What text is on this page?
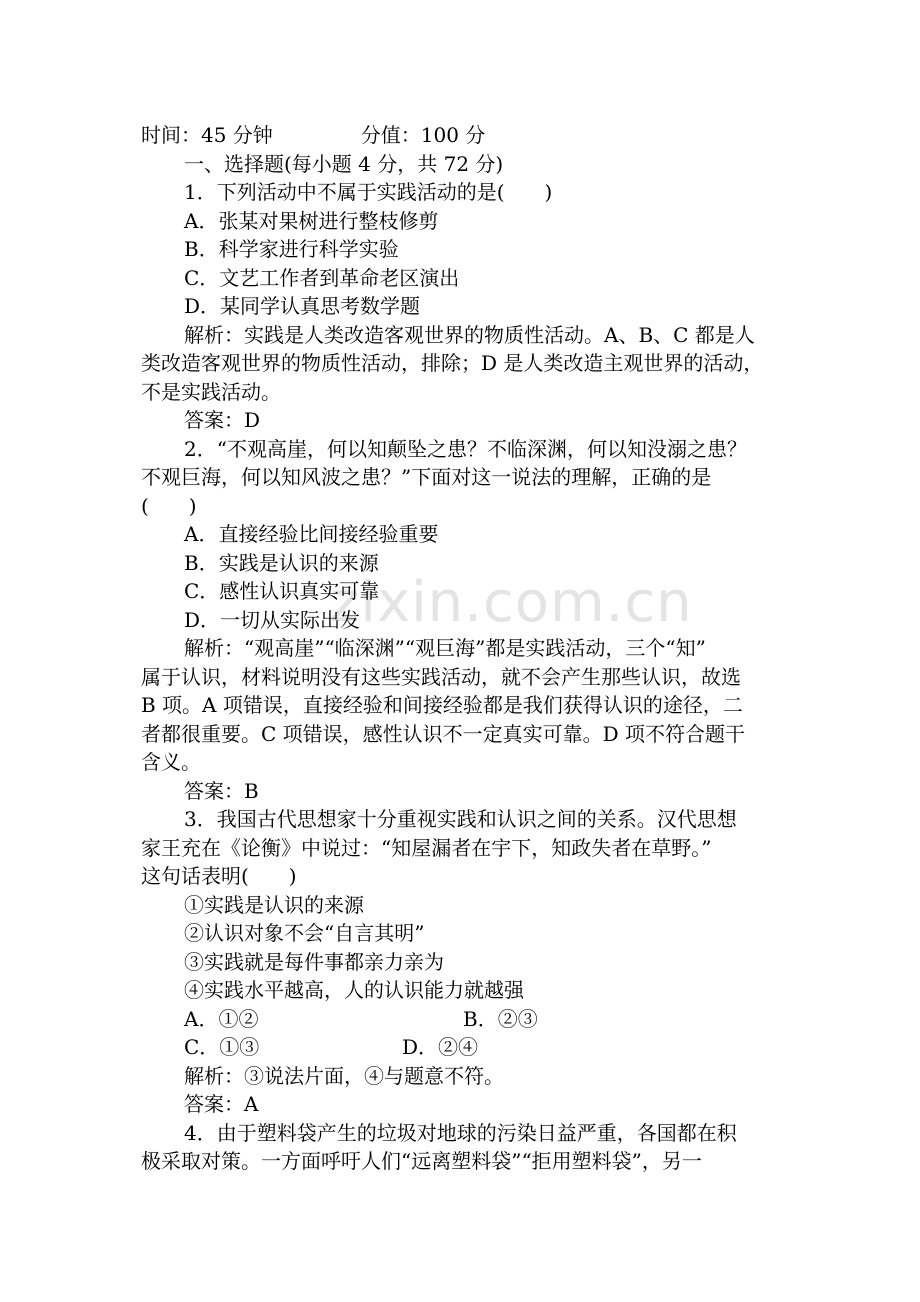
zixin.com.cn
时间：45 分钟	分值：100 分
一、选择题(每小题 4 分，共 72 分)
1．下列活动中不属于实践活动的是(　　)
A．张某对果树进行整枝修剪
B．科学家进行科学实验
C．文艺工作者到革命老区演出
D．某同学认真思考数学题
解析：实践是人类改造客观世界的物质性活动。A、B、C 都是人
类改造客观世界的物质性活动，排除；D 是人类改造主观世界的活动，
不是实践活动。
答案：D
2．“不观高崖，何以知颠坠之患？不临深渊，何以知没溺之患？
不观巨海，何以知风波之患？”下面对这一说法的理解，正确的是
(　　)
A．直接经验比间接经验重要
B．实践是认识的来源
C．感性认识真实可靠
D．一切从实际出发
解析：“观高崖”“临深渊”“观巨海”都是实践活动，三个“知”
属于认识，材料说明没有这些实践活动，就不会产生那些认识，故选
B 项。A 项错误，直接经验和间接经验都是我们获得认识的途径，二
者都很重要。C 项错误，感性认识不一定真实可靠。D 项不符合题干
含义。
答案：B
3．我国古代思想家十分重视实践和认识之间的关系。汉代思想
家王充在《论衡》中说过：“知屋漏者在宇下，知政失者在草野。”
这句话表明(　　)
①实践是认识的来源
②认识对象不会“自言其明”
③实践就是每件事都亲力亲为
④实践水平越高，人的认识能力就越强
A．①②	B．②③
C．①③	D．②④
解析：③说法片面，④与题意不符。
答案：A
4．由于塑料袋产生的垃圾对地球的污染日益严重，各国都在积
极采取对策。一方面呼吁人们“远离塑料袋”“拒用塑料袋”，另一
